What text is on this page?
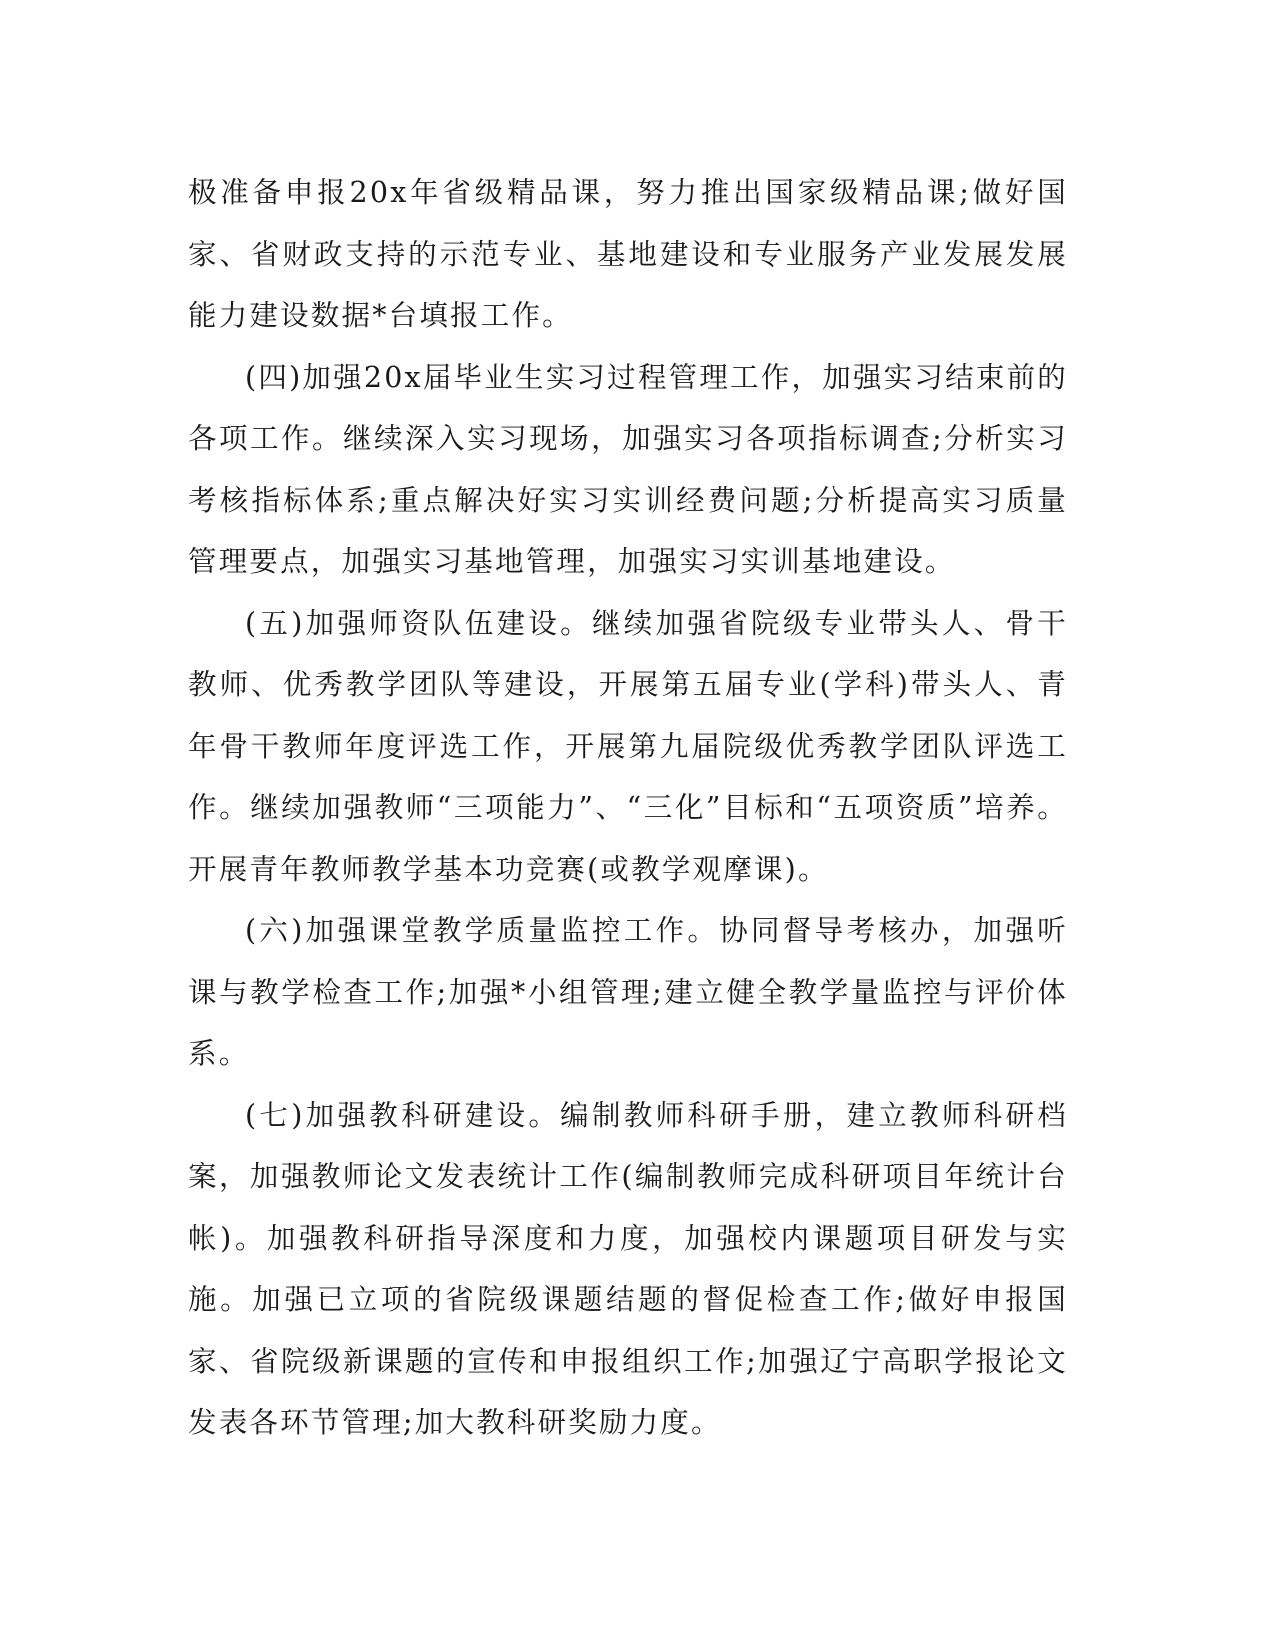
极准备申报20x年省级精品课，努力推出国家级精品课;做好国家、省财政支持的示范专业、基地建设和专业服务产业发展发展能力建设数据*台填报工作。

(四)加强20x届毕业生实习过程管理工作，加强实习结束前的各项工作。继续深入实习现场，加强实习各项指标调查;分析实习考核指标体系;重点解决好实习实训经费问题;分析提高实习质量管理要点，加强实习基地管理，加强实习实训基地建设。

(五)加强师资队伍建设。继续加强省院级专业带头人、骨干教师、优秀教学团队等建设，开展第五届专业(学科)带头人、青年骨干教师年度评选工作，开展第九届院级优秀教学团队评选工作。继续加强教师“三项能力”、“三化”目标和“五项资质”培养。开展青年教师教学基本功竞赛(或教学观摩课)。

(六)加强课堂教学质量监控工作。协同督导考核办，加强听课与教学检查工作;加强*小组管理;建立健全教学量监控与评价体系。

(七)加强教科研建设。编制教师科研手册，建立教师科研档案，加强教师论文发表统计工作(编制教师完成科研项目年统计台帐)。加强教科研指导深度和力度，加强校内课题项目研发与实施。加强已立项的省院级课题结题的督促检查工作;做好申报国家、省院级新课题的宣传和申报组织工作;加强辽宁高职学报论文发表各环节管理;加大教科研奖励力度。
